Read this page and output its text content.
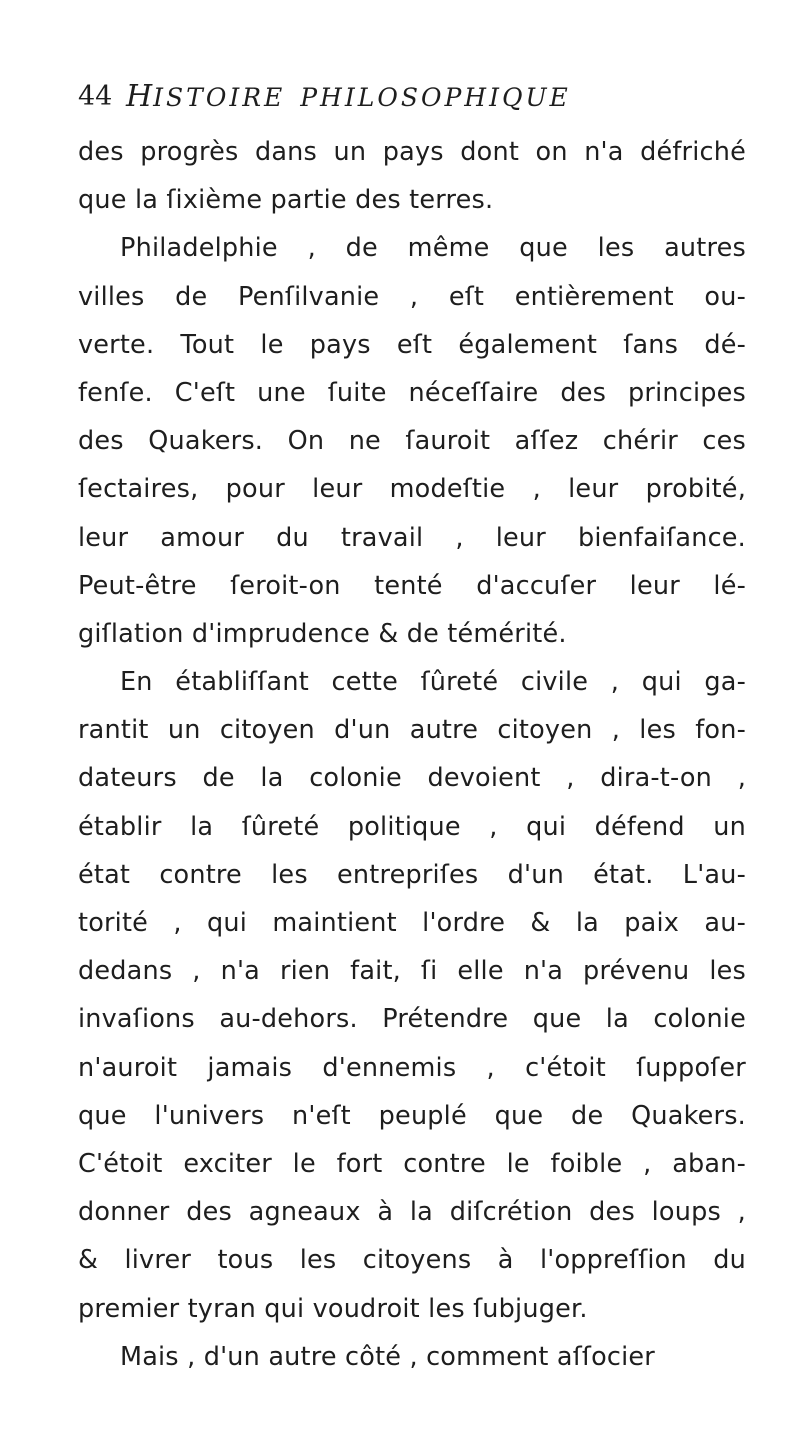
44 HISTOIRE PHILOSOPHIQUE
des progrès dans un pays dont on n'a défriché
que la ſixième partie des terres.
Philadelphie , de même que les autres
villes de Penſilvanie , eſt entièrement ou-
verte. Tout le pays eſt également ſans dé-
fenſe. C'eſt une ſuite néceſſaire des principes
des Quakers. On ne ſauroit aſſez chérir ces
ſectaires, pour leur modeſtie , leur probité,
leur amour du travail , leur bienfaiſance.
Peut-être ſeroit-on tenté d'accuſer leur lé-
giſlation d'imprudence & de témérité.
En établiſſant cette ſûreté civile , qui ga-
rantit un citoyen d'un autre citoyen , les fon-
dateurs de la colonie devoient , dira-t-on ,
établir la ſûreté politique , qui défend un
état contre les entrepriſes d'un état. L'au-
torité , qui maintient l'ordre & la paix au-
dedans , n'a rien fait, ſi elle n'a prévenu les
invaſions au-dehors. Prétendre que la colonie
n'auroit jamais d'ennemis , c'étoit ſuppoſer
que l'univers n'eſt peuplé que de Quakers.
C'étoit exciter le fort contre le foible , aban-
donner des agneaux à la diſcrétion des loups ,
& livrer tous les citoyens à l'oppreſſion du
premier tyran qui voudroit les ſubjuger.
Mais , d'un autre côté , comment aſſocier
